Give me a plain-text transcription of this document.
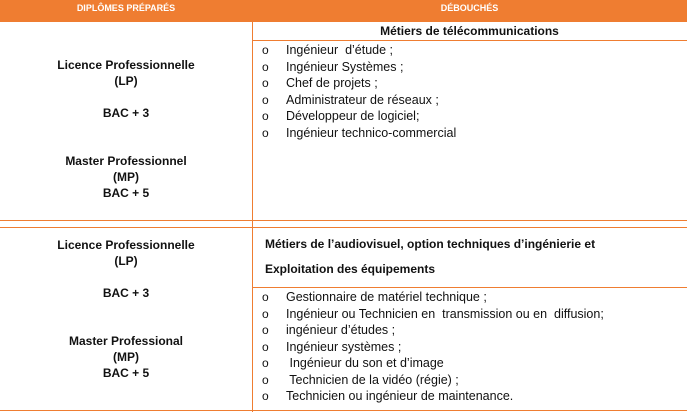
DIPLÔMES PRÉPARÉS	DÉBOUCHÉS
Licence Professionnelle
(LP)
BAC + 3
Master Professionnel
(MP)
BAC + 5
Métiers de télécommunications
o Ingénieur  d’étude ;
o Ingénieur Systèmes ;
o Chef de projets ;
o Administrateur de réseaux ;
o Développeur de logiciel;
o Ingénieur technico-commercial
Licence Professionnelle
(LP)
BAC + 3
Master Professional
(MP)
BAC + 5
Métiers de l’audiovisuel, option techniques d’ingénierie et
Exploitation des équipements
o Gestionnaire de matériel technique ;
o Ingénieur ou Technicien en  transmission ou en  diffusion;
o ingénieur d’études ;
o Ingénieur systèmes ;
o Ingénieur du son et d’image
o Technicien de la vidéo (régie) ;
o Technicien ou ingénieur de maintenance.
